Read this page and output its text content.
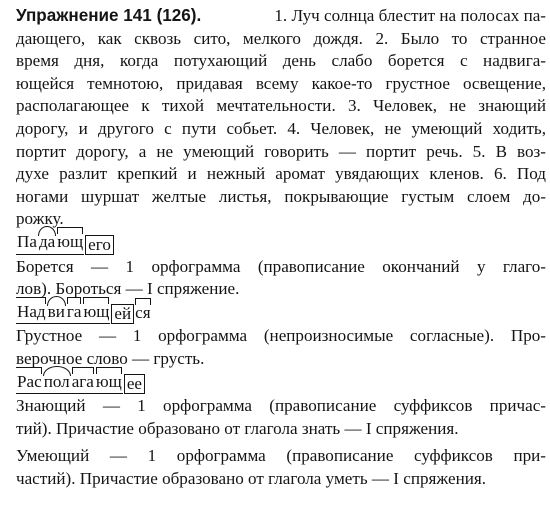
Упражнение 141 (126).	1. Луч солнца блестит на полосах па-
дающего, как сквозь сито, мелкого дождя. 2. Было то странное
время дня, когда потухающий день слабо борется с надвига-
ющейся темнотою, придавая всему какое-то грустное освещение,
располагающее к тихой мечтательности. 3. Человек, не знающий
дорогу, и другого с пути собьет. 4. Человек, не умеющий ходить,
портит дорогу, а не умеющий говорить — портит речь. 5. В воз-
духе разлит крепкий и нежный аромат увядающих кленов. 6. Под
ногами шуршат желтые листья, покрывающие густым слоем до-
рожку.
Па да ющ его
Борется — 1 орфограмма (правописание окончаний у глаго-
лов). Бороться — I спряжение.
Над ви га ющ ей ся
Грустное — 1 орфограмма (непроизносимые согласные). Про-
верочное слово — грусть.
Рас пол ага ющ ее
Знающий — 1 орфограмма (правописание суффиксов причас-
тий). Причастие образовано от глагола знать — I спряжения.
Умеющий — 1 орфограмма (правописание суффиксов при-
частий). Причастие образовано от глагола уметь — I спряжения.
